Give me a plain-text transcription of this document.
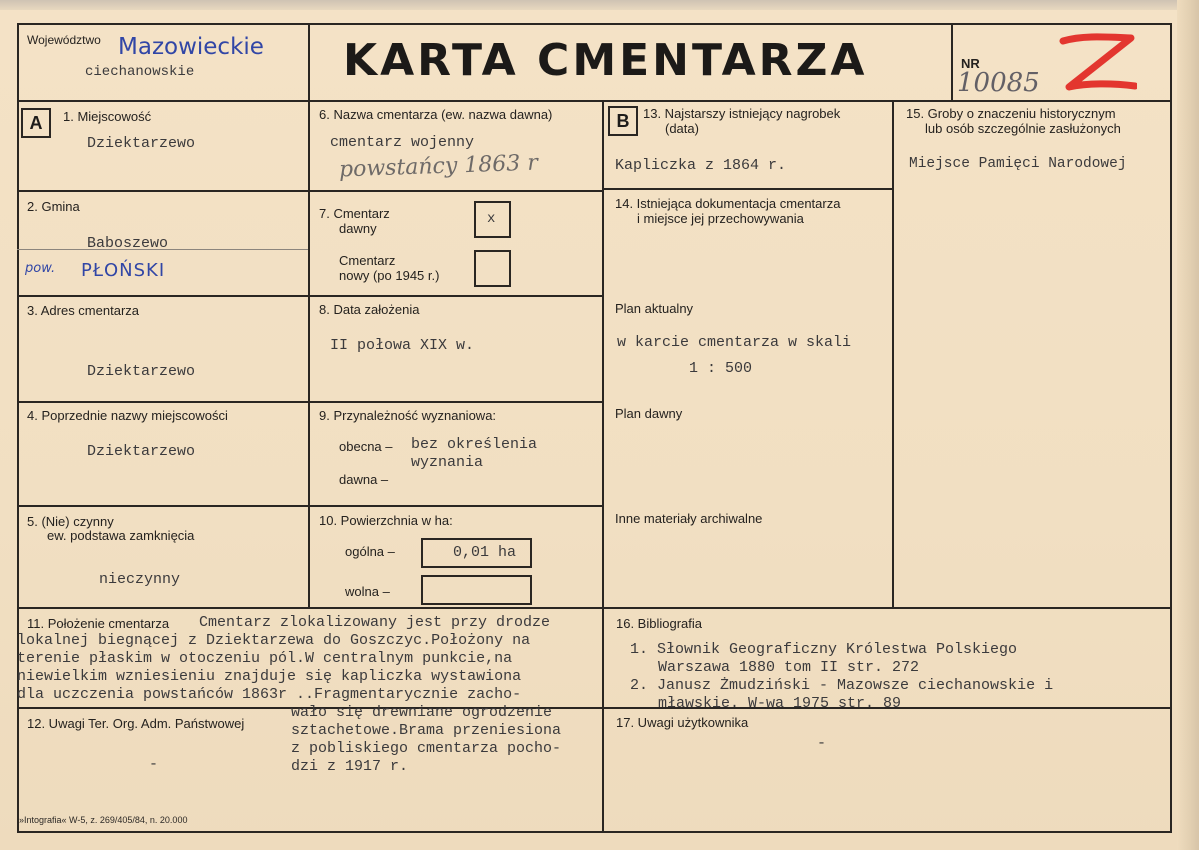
Województwo Mazowieckie
ciechanowskie	KARTA CMENTARZA	NR
10085
A	B
1. Miejscowość
Dziektarzewo
2. Gmina
Baboszewo
pow. PŁOŃSKI
3. Adres cmentarza
Dziektarzewo
4. Poprzednie nazwy miejscowości
Dziektarzewo
5. (Nie) czynny
ew. podstawa zamknięcia
nieczynny
6. Nazwa cmentarza (ew. nazwa dawna)
cmentarz wojenny
powstańcy 1863 r
7. Cmentarz
dawny
x
Cmentarz
nowy (po 1945 r.)
8. Data założenia
II połowa XIX w.
9. Przynależność wyznaniowa:
obecna – bez określenia
wyznania
dawna –
10. Powierzchnia w ha:
ogólna –	0,01 ha
wolna –
13. Najstarszy istniejący nagrobek
(data)
Kapliczka z 1864 r.
14. Istniejąca dokumentacja cmentarza
i miejsce jej przechowywania
Plan aktualny
w karcie cmentarza w skali
1 : 500
Plan dawny
Inne materiały archiwalne
15. Groby o znaczeniu historycznym
lub osób szczególnie zasłużonych
Miejsce Pamięci Narodowej
11. Położenie cmentarza Cmentarz zlokalizowany jest przy drodze
lokalnej biegnącej z Dziektarzewa do Goszczyc.Położony na
terenie płaskim w otoczeniu pól.W centralnym punkcie,na
niewielkim wzniesieniu znajduje się kapliczka wystawiona
dla uczczenia powstańców 1863r ..Fragmentarycznie zacho-
wało się drewniane ogrodzenie
sztachetowe.Brama przeniesiona
z pobliskiego cmentarza pocho-
dzi z 1917 r.
12. Uwagi Ter. Org. Adm. Państwowej
-
16. Bibliografia
1. Słownik Geograficzny Królestwa Polskiego
Warszawa 1880 tom II str. 272
2. Janusz Żmudziński - Mazowsze ciechanowskie i
mławskie. W-wa 1975 str. 89
17. Uwagi użytkownika
-
»Intografia« W-5, z. 269/405/84, n. 20.000
